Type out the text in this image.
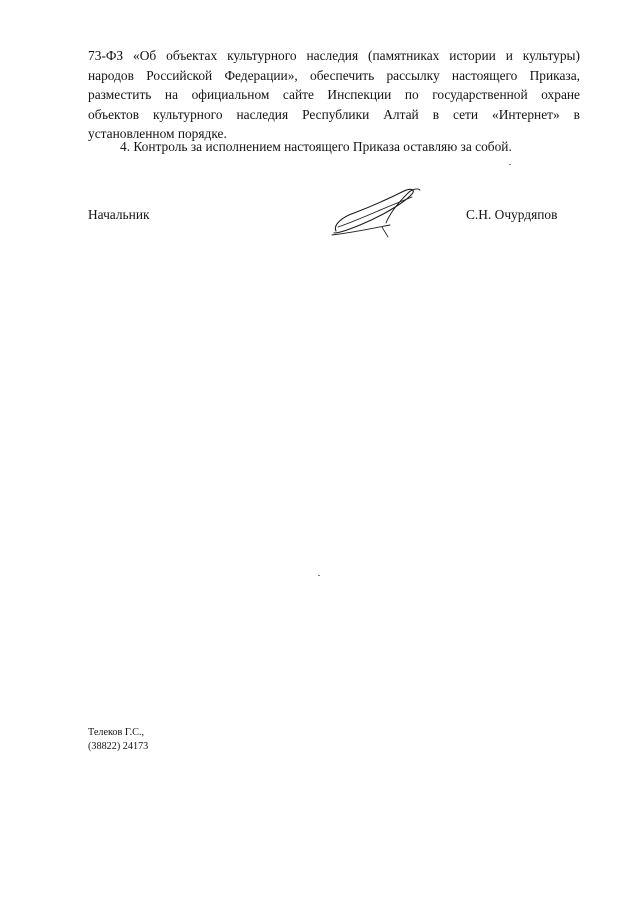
73-ФЗ «Об объектах культурного наследия (памятниках истории и культуры)
народов Российской Федерации», обеспечить рассылку настоящего Приказа,
разместить на официальном сайте Инспекции по государственной охране
объектов культурного наследия Республики Алтай в сети «Интернет» в
установленном порядке.

4. Контроль за исполнением настоящего Приказа оставляю за собой.

Начальник	С.Н. Очурдяпов
Телеков Г.С.,
(38822) 24173
